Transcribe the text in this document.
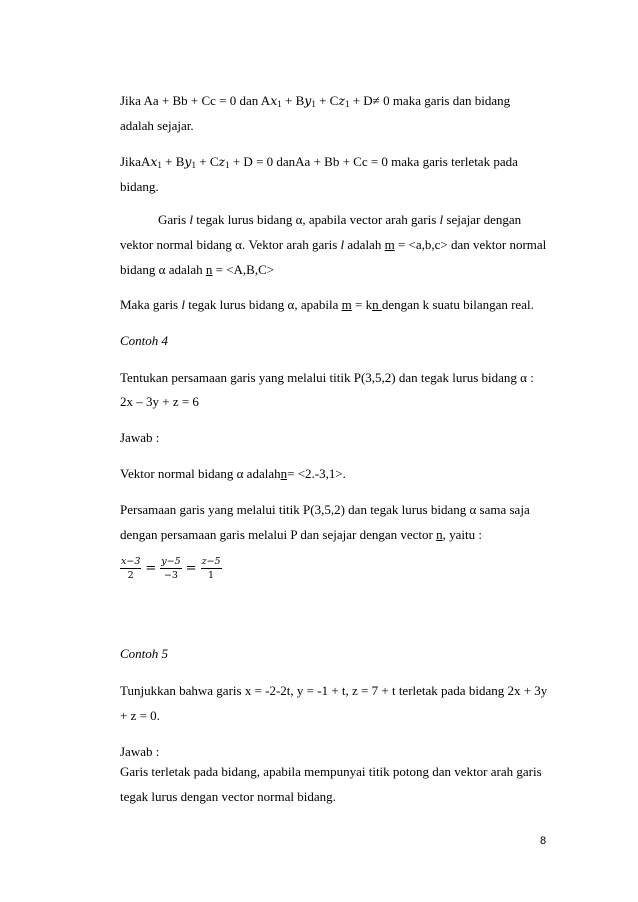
Jika Aa + Bb + Cc = 0 dan Ax1 + By1 + Cz1 + D≠ 0 maka garis dan bidang
adalah sejajar.
JikaAx1 + By1 + Cz1 + D = 0 danAa + Bb + Cc = 0 maka garis terletak pada
bidang.
Garis l tegak lurus bidang α, apabila vector arah garis l sejajar dengan
vektor normal bidang α. Vektor arah garis l adalah m = <a,b,c> dan vektor normal
bidang α adalah n = <A,B,C>
Maka garis l tegak lurus bidang α, apabila m = kn dengan k suatu bilangan real.
Contoh 4
Tentukan persamaan garis yang melalui titik P(3,5,2) dan tegak lurus bidang α :
2x – 3y + z = 6
Jawab :
Vektor normal bidang α adalahn= <2.-3,1>.
Persamaan garis yang melalui titik P(3,5,2) dan tegak lurus bidang α sama saja
dengan persamaan garis melalui P dan sejajar dengan vector n, yaitu :
$\frac{x-3}{2} = \frac{y-5}{-3} = \frac{z-5}{1}$
Contoh 5
Tunjukkan bahwa garis x = -2-2t, y = -1 + t, z = 7 + t terletak pada bidang 2x + 3y
+ z = 0.
Jawab :
Garis terletak pada bidang, apabila mempunyai titik potong dan vektor arah garis
tegak lurus dengan vector normal bidang.
8
